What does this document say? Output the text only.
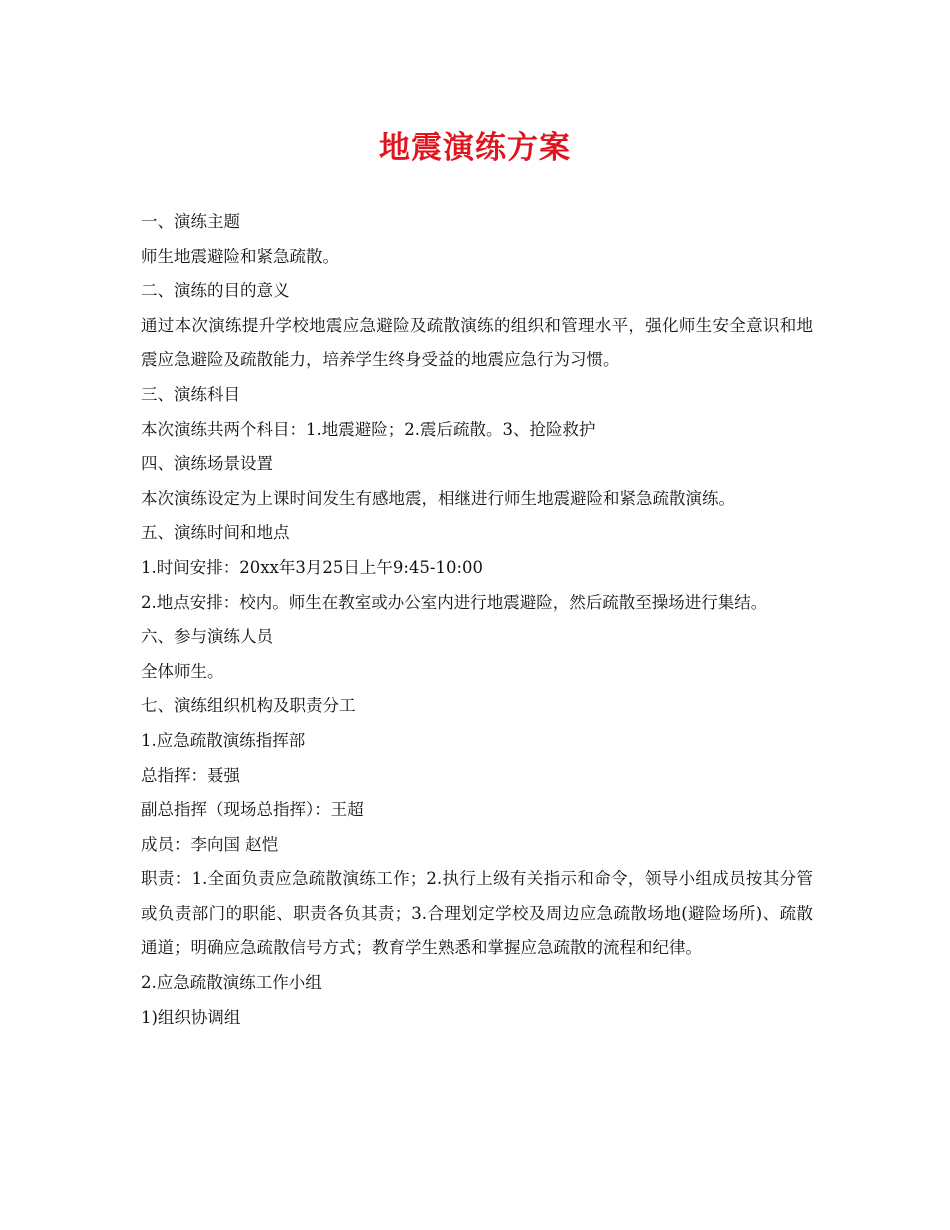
地震演练方案

一、演练主题

师生地震避险和紧急疏散。

二、演练的目的意义

通过本次演练提升学校地震应急避险及疏散演练的组织和管理水平，强化师生安全意识和地震应急避险及疏散能力，培养学生终身受益的地震应急行为习惯。

三、演练科目

本次演练共两个科目：1.地震避险；2.震后疏散。3、抢险救护

四、演练场景设置

本次演练设定为上课时间发生有感地震，相继进行师生地震避险和紧急疏散演练。

五、演练时间和地点

1.时间安排：20xx年3月25日上午9:45-10:00

2.地点安排：校内。师生在教室或办公室内进行地震避险，然后疏散至操场进行集结。

六、参与演练人员

全体师生。

七、演练组织机构及职责分工

1.应急疏散演练指挥部

总指挥：聂强

副总指挥（现场总指挥）：王超

成员：李向国 赵恺

职责：1.全面负责应急疏散演练工作；2.执行上级有关指示和命令，领导小组成员按其分管或负责部门的职能、职责各负其责；3.合理划定学校及周边应急疏散场地(避险场所)、疏散通道；明确应急疏散信号方式；教育学生熟悉和掌握应急疏散的流程和纪律。

2.应急疏散演练工作小组

1)组织协调组
